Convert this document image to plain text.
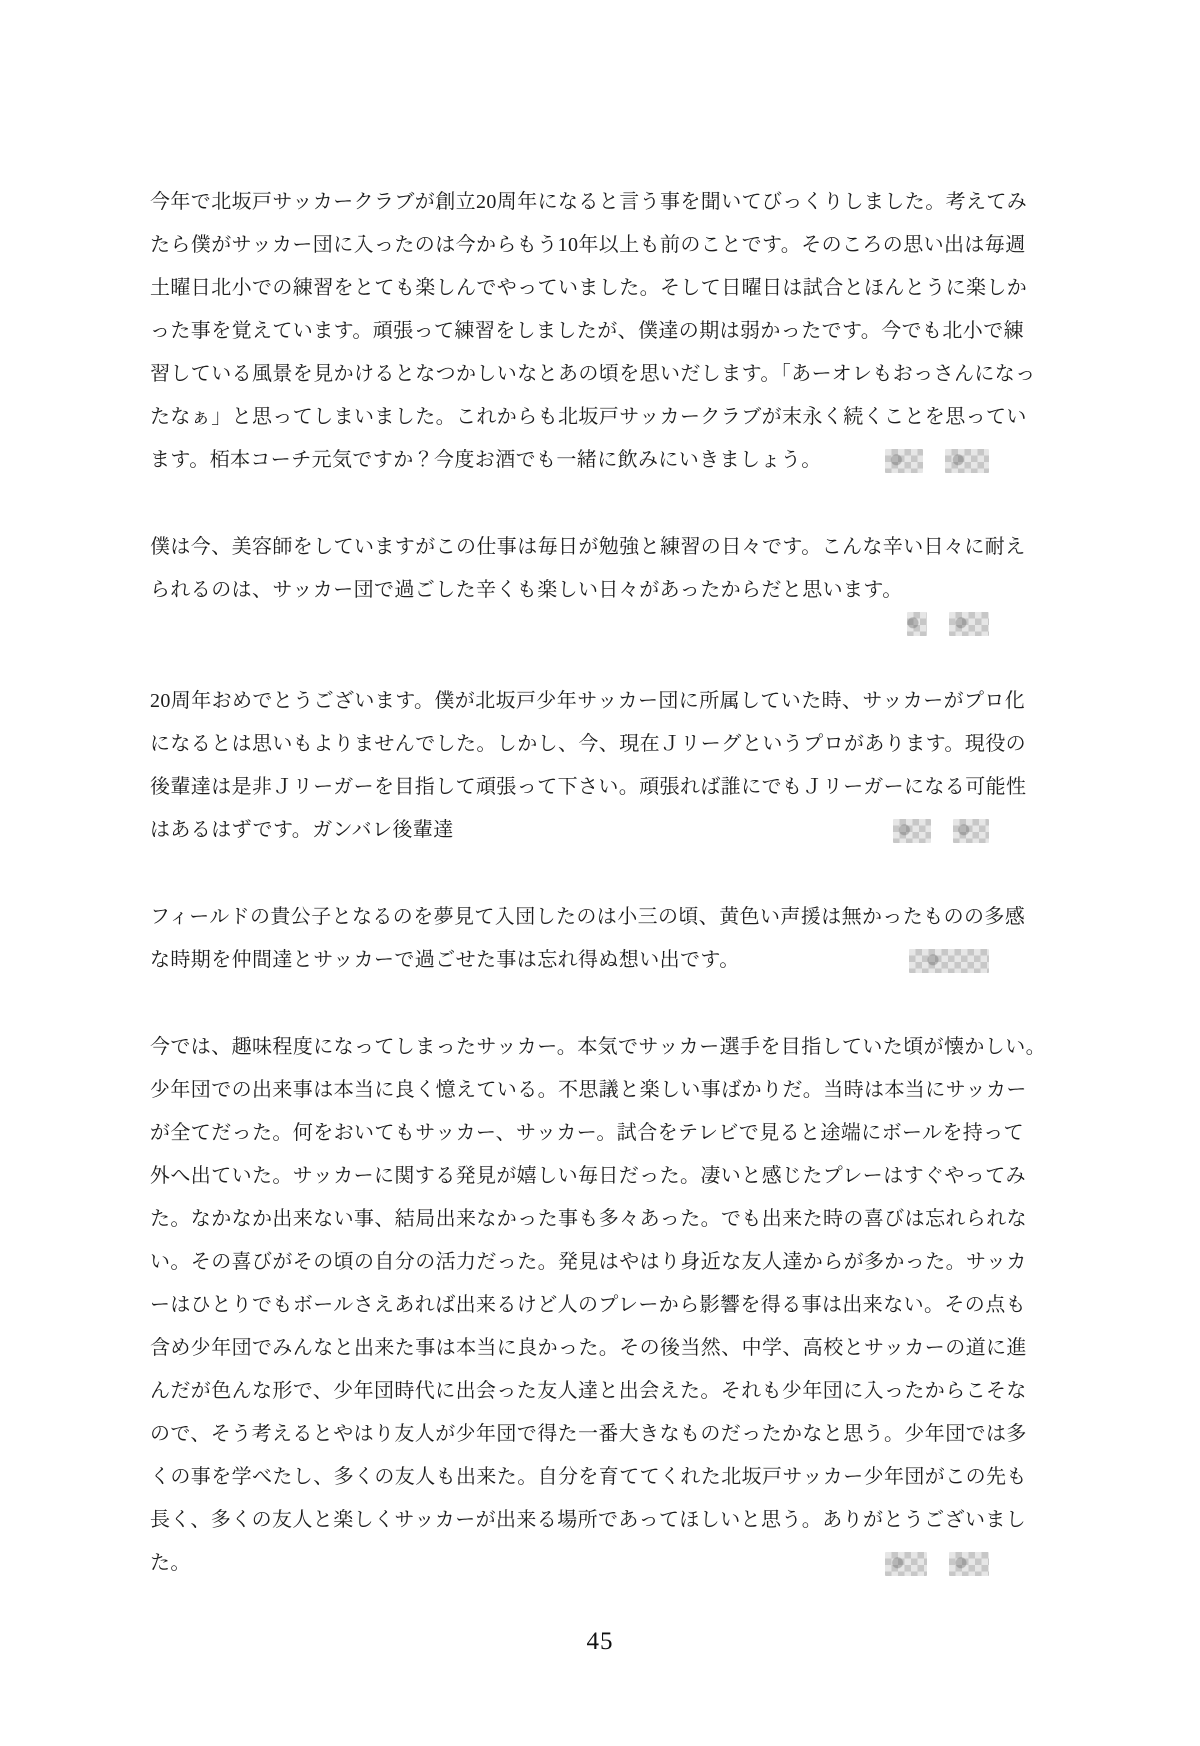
今年で北坂戸サッカークラブが創立20周年になると言う事を聞いてびっくりしました。考えてみ
たら僕がサッカー団に入ったのは今からもう10年以上も前のことです。そのころの思い出は毎週
土曜日北小での練習をとても楽しんでやっていました。そして日曜日は試合とほんとうに楽しか
った事を覚えています。頑張って練習をしましたが、僕達の期は弱かったです。今でも北小で練
習している風景を見かけるとなつかしいなとあの頃を思いだします。「あーオレもおっさんになっ
たなぁ」と思ってしまいました。これからも北坂戸サッカークラブが末永く続くことを思ってい
ます。栢本コーチ元気ですか？今度お酒でも一緒に飲みにいきましょう。
僕は今、美容師をしていますがこの仕事は毎日が勉強と練習の日々です。こんな辛い日々に耐え
られるのは、サッカー団で過ごした辛くも楽しい日々があったからだと思います。
20周年おめでとうございます。僕が北坂戸少年サッカー団に所属していた時、サッカーがプロ化
になるとは思いもよりませんでした。しかし、今、現在Ｊリーグというプロがあります。現役の
後輩達は是非Ｊリーガーを目指して頑張って下さい。頑張れば誰にでもＪリーガーになる可能性
はあるはずです。ガンバレ後輩達
フィールドの貴公子となるのを夢見て入団したのは小三の頃、黄色い声援は無かったものの多感
な時期を仲間達とサッカーで過ごせた事は忘れ得ぬ想い出です。
今では、趣味程度になってしまったサッカー。本気でサッカー選手を目指していた頃が懐かしい。
少年団での出来事は本当に良く憶えている。不思議と楽しい事ばかりだ。当時は本当にサッカー
が全てだった。何をおいてもサッカー、サッカー。試合をテレビで見ると途端にボールを持って
外へ出ていた。サッカーに関する発見が嬉しい毎日だった。凄いと感じたプレーはすぐやってみ
た。なかなか出来ない事、結局出来なかった事も多々あった。でも出来た時の喜びは忘れられな
い。その喜びがその頃の自分の活力だった。発見はやはり身近な友人達からが多かった。サッカ
ーはひとりでもボールさえあれば出来るけど人のプレーから影響を得る事は出来ない。その点も
含め少年団でみんなと出来た事は本当に良かった。その後当然、中学、高校とサッカーの道に進
んだが色んな形で、少年団時代に出会った友人達と出会えた。それも少年団に入ったからこそな
ので、そう考えるとやはり友人が少年団で得た一番大きなものだったかなと思う。少年団では多
くの事を学べたし、多くの友人も出来た。自分を育ててくれた北坂戸サッカー少年団がこの先も
長く、多くの友人と楽しくサッカーが出来る場所であってほしいと思う。ありがとうございまし
た。
45
